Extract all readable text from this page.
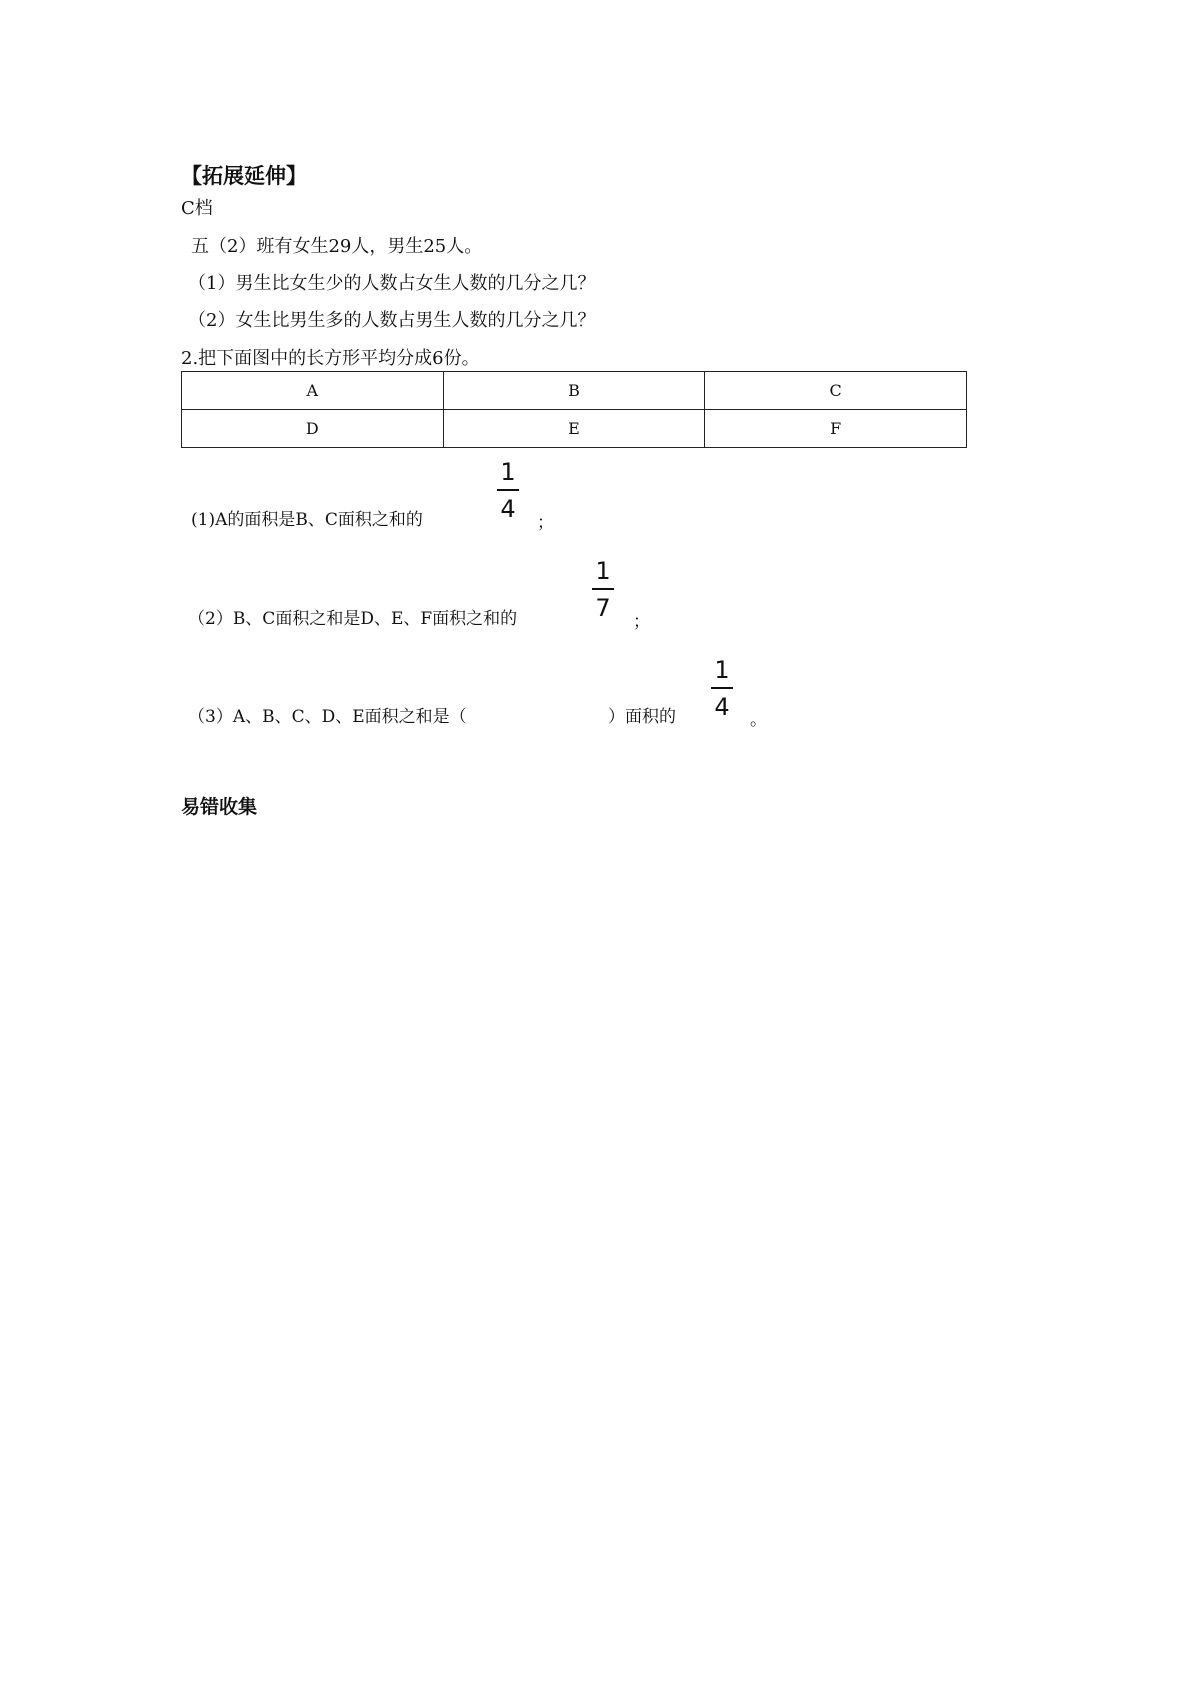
【拓展延伸】
C档
五（2）班有女生29人，男生25人。
（1）男生比女生少的人数占女生人数的几分之几？
（2）女生比男生多的人数占男生人数的几分之几？
2.把下面图中的长方形平均分成6份。
A	B	C
D	E	F
(1)A的面积是B、C面积之和的
1
4
；
（2）B、C面积之和是D、E、F面积之和的
1
7
；
（3）A、B、C、D、E面积之和是（	）面积的
1
4 。
易错收集
